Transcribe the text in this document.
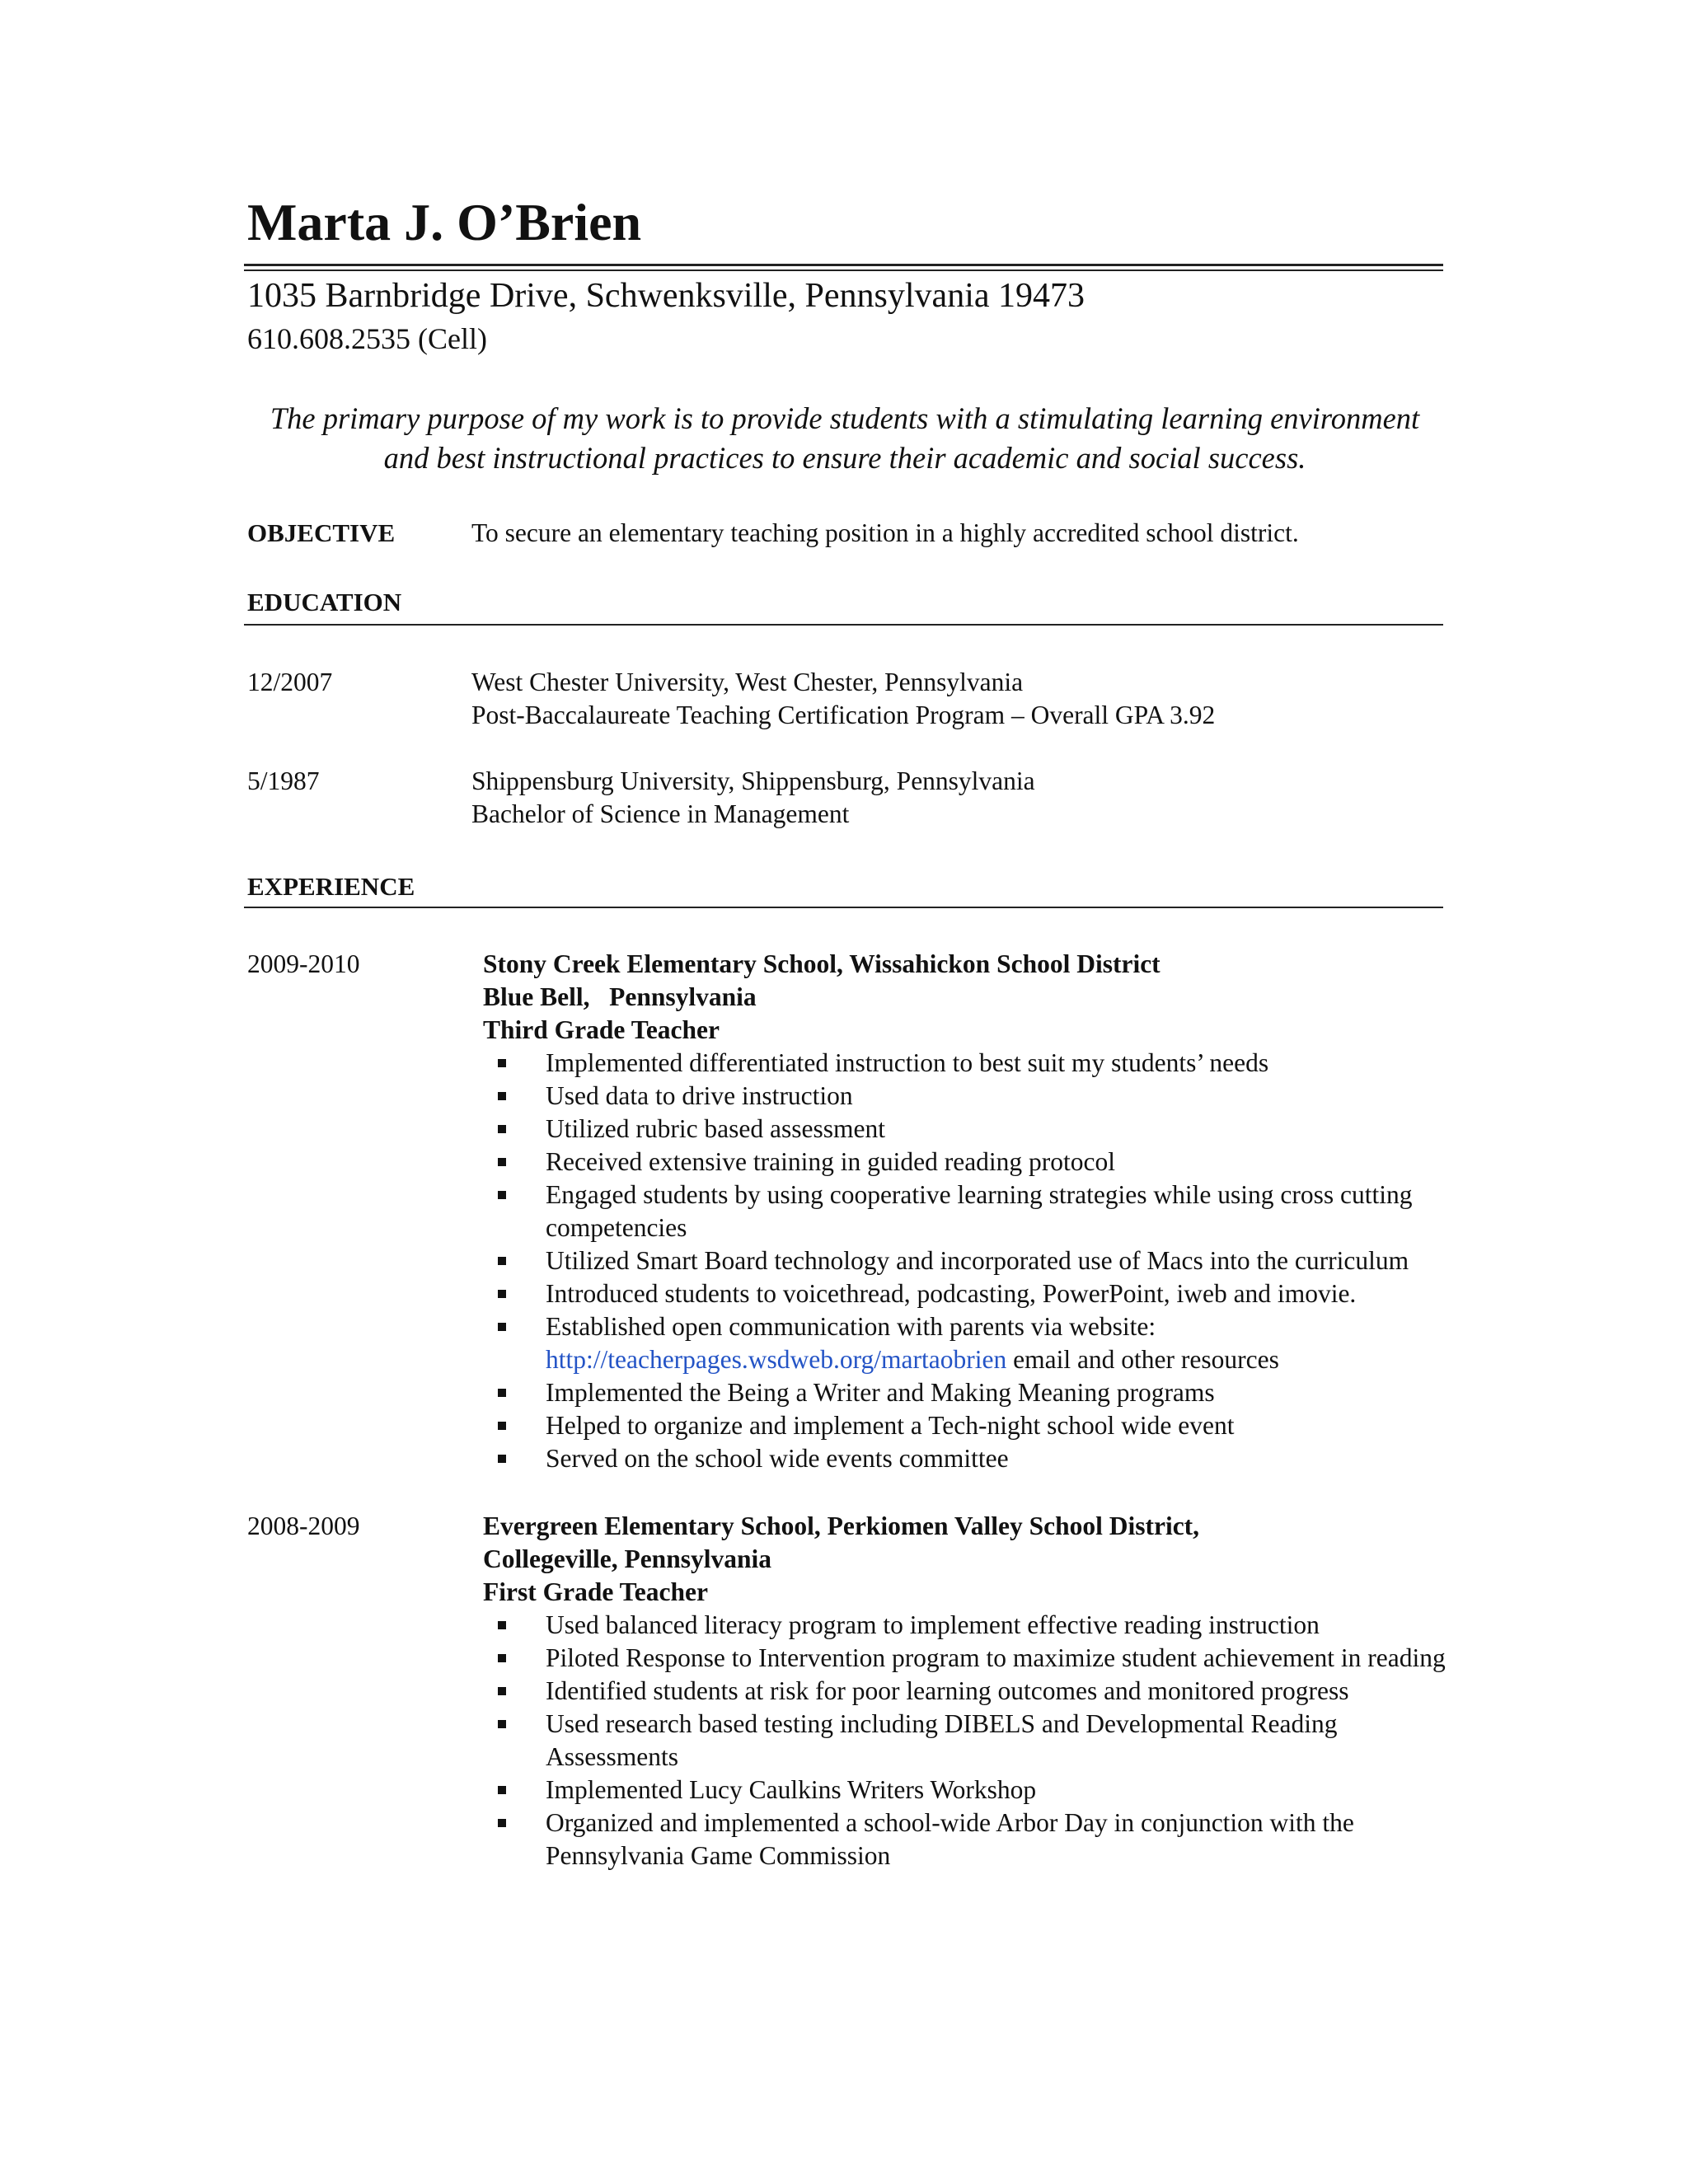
Marta J. O’Brien
1035 Barnbridge Drive, Schwenksville, Pennsylvania 19473
610.608.2535 (Cell)
The primary purpose of my work is to provide students with a stimulating learning environment
and best instructional practices to ensure their academic and social success.
OBJECTIVE	To secure an elementary teaching position in a highly accredited school district.
EDUCATION
12/2007	West Chester University, West Chester, Pennsylvania
Post-Baccalaureate Teaching Certification Program – Overall GPA 3.92
5/1987	Shippensburg University, Shippensburg, Pennsylvania
Bachelor of Science in Management
EXPERIENCE
2009-2010	Stony Creek Elementary School, Wissahickon School District
Blue Bell,   Pennsylvania
Third Grade Teacher
Implemented differentiated instruction to best suit my students’ needs
Used data to drive instruction
Utilized rubric based assessment
Received extensive training in guided reading protocol
Engaged students by using cooperative learning strategies while using cross cutting competencies
Utilized Smart Board technology and incorporated use of Macs into the curriculum
Introduced students to voicethread, podcasting, PowerPoint, iweb and imovie.
Established open communication with parents via website:
http://teacherpages.wsdweb.org/martaobrien email and other resources
Implemented the Being a Writer and Making Meaning programs
Helped to organize and implement a Tech-night school wide event
Served on the school wide events committee
2008-2009	Evergreen Elementary School, Perkiomen Valley School District,
Collegeville, Pennsylvania
First Grade Teacher
Used balanced literacy program to implement effective reading instruction
Piloted Response to Intervention program to maximize student achievement in reading
Identified students at risk for poor learning outcomes and monitored progress
Used research based testing including DIBELS and Developmental Reading Assessments
Implemented Lucy Caulkins Writers Workshop
Organized and implemented a school-wide Arbor Day in conjunction with the Pennsylvania Game Commission
